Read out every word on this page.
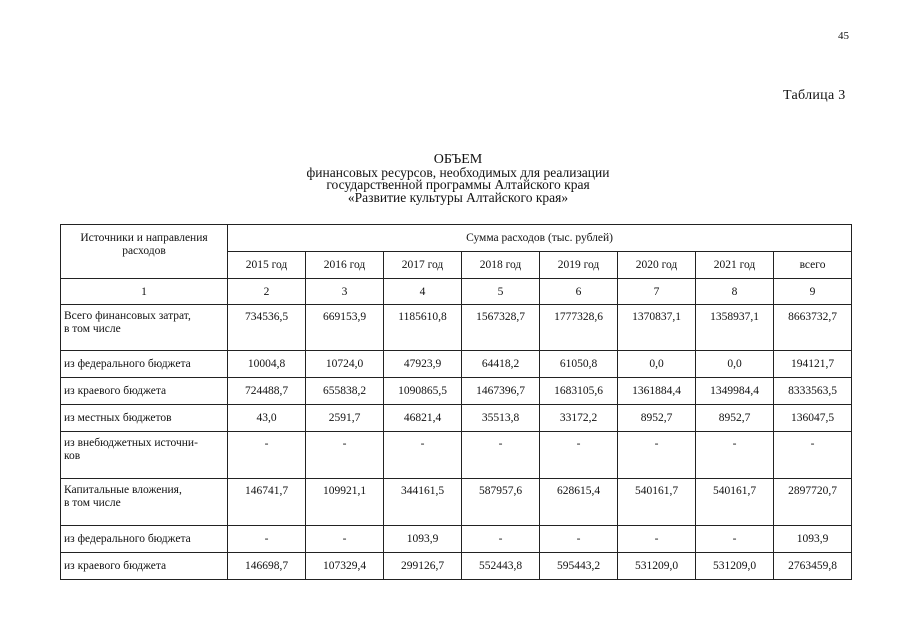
45
Таблица 3
ОБЪЕМ
финансовых ресурсов, необходимых для реализации
государственной программы Алтайского края
«Развитие культуры Алтайского края»
Источники и направления расходов	Сумма расходов (тыс. рублей)							
	2015 год	2016 год	2017 год	2018 год	2019 год	2020 год	2021 год	всего
1	2	3	4	5	6	7	8	9

Всего финансовых затрат,
в том числе	734536,5	669153,9	1185610,8	1567328,7	1777328,6	1370837,1	1358937,1	8663732,7
из федерального бюджета	10004,8	10724,0	47923,9	64418,2	61050,8	0,0	0,0	194121,7
из краевого бюджета	724488,7	655838,2	1090865,5	1467396,7	1683105,6	1361884,4	1349984,4	8333563,5
из местных бюджетов	43,0	2591,7	46821,4	35513,8	33172,2	8952,7	8952,7	136047,5

из внебюджетных источни-
ков	-	-	-	-	-	-	-	-

Капитальные вложения,
в том числе	146741,7	109921,1	344161,5	587957,6	628615,4	540161,7	540161,7	2897720,7
из федерального бюджета	-	-	1093,9	-	-	-	-	1093,9
из краевого бюджета	146698,7	107329,4	299126,7	552443,8	595443,2	531209,0	531209,0	2763459,8
